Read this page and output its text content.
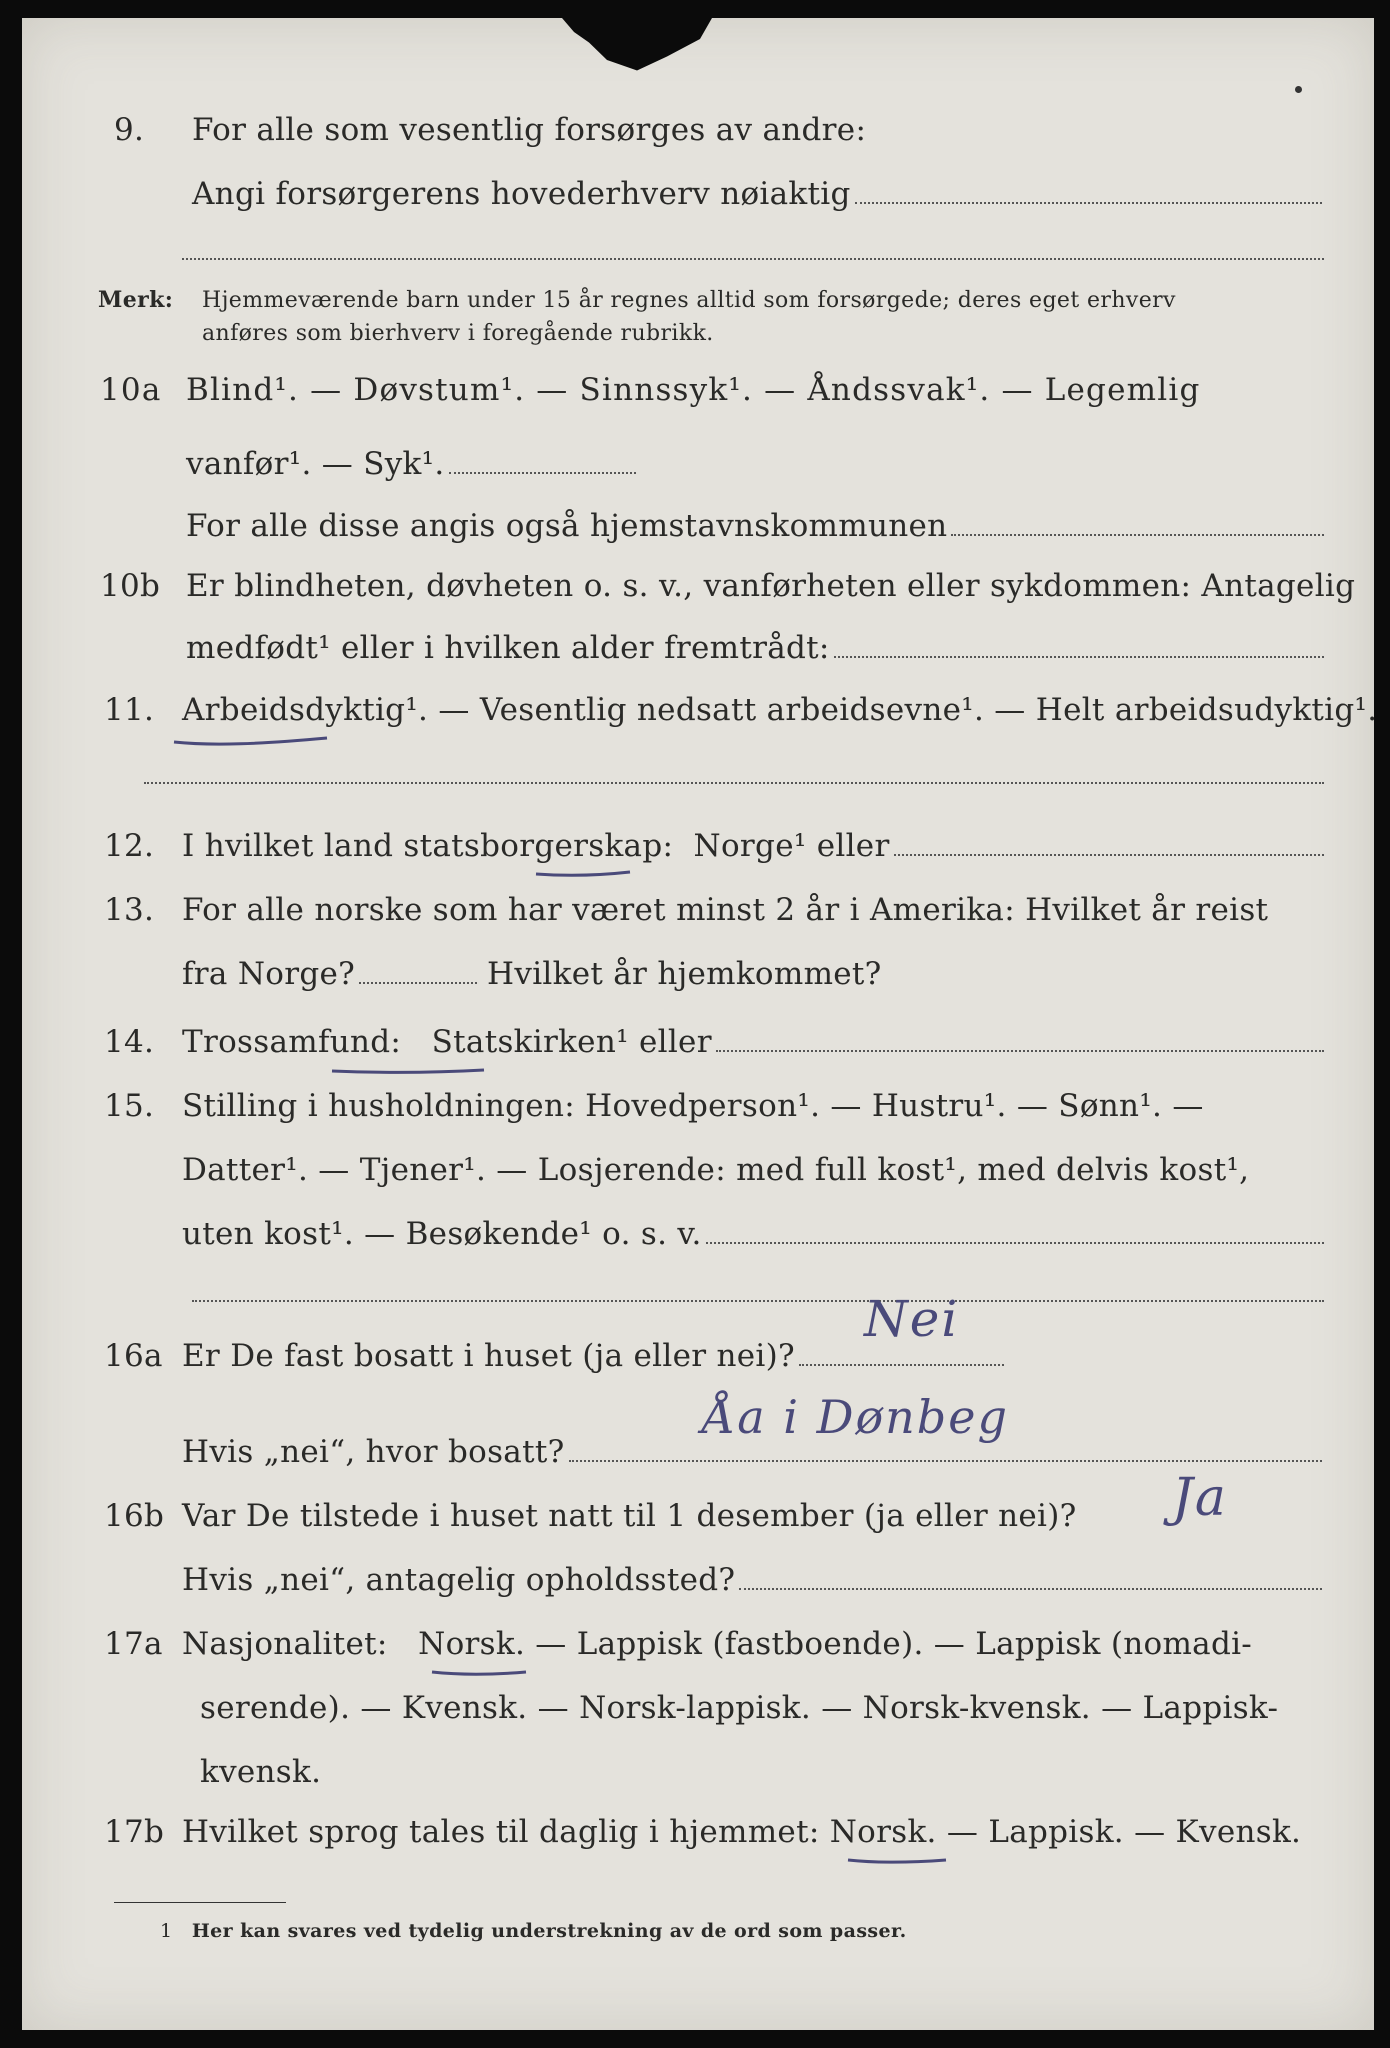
9.	For alle som vesentlig forsørges av andre:
Angi forsørgerens hovederhverv nøiaktig
Merk: Hjemmeværende barn under 15 år regnes alltid som forsørgede; deres eget erhverv
anføres som bierhverv i foregående rubrikk.
10a Blind¹. — Døvstum¹. — Sinnssyk¹. — Åndssvak¹. — Legemlig
vanfør¹. — Syk¹.
For alle disse angis også hjemstavnskommunen
10b Er blindheten, døvheten o. s. v., vanførheten eller sykdommen: Antagelig
medfødt¹ eller i hvilken alder fremtrådt:
11. Arbeidsdyktig¹.
— Vesentlig nedsatt arbeidsevne¹. — Helt arbeidsudyktig¹.
12. I hvilket land statsborgerskap:
Norge¹
eller
13. For alle norske som har været minst 2 år i Amerika: Hvilket år reist
fra Norge?	Hvilket år hjemkommet?
14. Trossamfund:
Statskirken¹
eller
15. Stilling i husholdningen: Hovedperson¹. — Hustru¹. — Sønn¹. —
Datter¹. — Tjener¹. — Losjerende: med full kost¹, med delvis kost¹,
uten kost¹. — Besøkende¹ o. s. v.
16a Er De fast bosatt i huset (ja eller nei)?
Nei
Hvis „nei“, hvor bosatt?
Åa i Dønbeg
16b Var De tilstede i huset natt til 1 desember (ja eller nei)? Ja
Hvis „nei“, antagelig opholdssted?
17a Nasjonalitet:
Norsk.
— Lappisk (fastboende). — Lappisk (nomadi-
serende). — Kvensk. — Norsk-lappisk. — Norsk-kvensk. — Lappisk-
kvensk.
17b Hvilket sprog tales til daglig i hjemmet:
Norsk.
— Lappisk. — Kvensk.
1 Her kan svares ved tydelig understrekning av de ord som passer.
